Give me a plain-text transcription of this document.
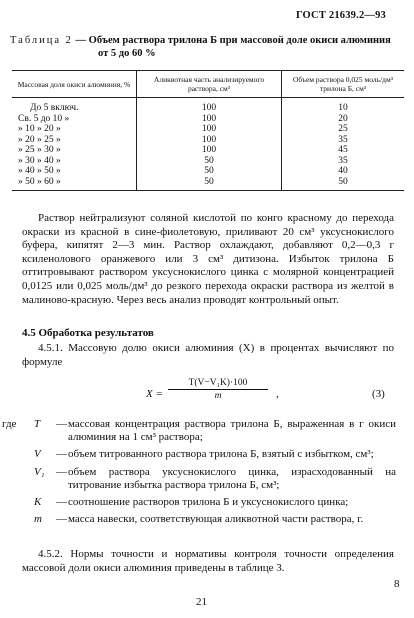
ГОСТ 21639.2—93
Таблица 2 — Объем раствора трилона Б при массовой доле окиси алюминия
от 5 до 60 %
Массовая доля окиси алюминия, %	Аликвотная часть анализируемого раствора, см³	Объем раствора 0,025 моль/дм³ трилона Б, см³
До 5 включ.	100	10
Св. 5 до 10 »	100	20
» 10 » 20 »	100	25
» 20 » 25 »	100	35
» 25 » 30 »	100	45
» 30 » 40 »	50	35
» 40 » 50 »	50	40
» 50 » 60 »	50	50
Раствор нейтрализуют соляной кислотой по конго красному до перехода окраски из красной в сине-фиолетовую, приливают 20 см³ уксуснокислого буфера, кипятят 2—3 мин. Раствор охлаждают, добавляют 0,2—0,3 г ксиленолового оранжевого или 3 см³ дитизона. Избыток трилона Б оттитровывают раствором уксуснокислого цинка с молярной концентрацией 0,0125 или 0,025 моль/дм³ до резкого перехода окраски раствора из желтой в малиново-красную. Через весь анализ проводят контрольный опыт.
4.5 Обработка результатов
4.5.1. Массовую долю окиси алюминия (X) в процентах вычисляют по формуле
$X = \frac{\text{T(V−V₁K)·100}}{m}$ ,	(3)
где T	— массовая концентрация раствора трилона Б, выраженная в г окиси алюминия на 1 см³ раствора;
V	— объем титрованного раствора трилона Б, взятый с избытком, см³;
V₁	— объем раствора уксуснокислого цинка, израсходованный на титрование избытка раствора трилона Б, см³;
K	— соотношение растворов трилона Б и уксуснокислого цинка;
m	— масса навески, соответствующая аликвотной части раствора, г.
4.5.2. Нормы точности и нормативы контроля точности определения массовой доли окиси алюминия приведены в таблице 3.
21
8
